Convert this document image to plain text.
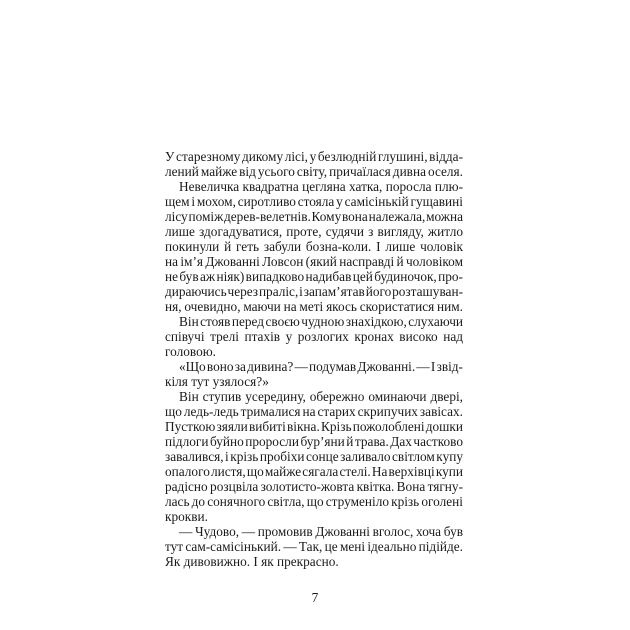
У старезному дикому лісі, у безлюдній глушині, відда-
лений майже від усього світу, причаїлася дивна оселя.
Невеличка квадратна цегляна хатка, поросла плю-
щем і мохом, сиротливо стояла у самісінькій гущавині
лісу поміж дерев-велетнів. Кому вона належала, можна
лише здогадуватися, проте, судячи з вигляду, житло
покинули й геть забули бозна-коли. І лише чоловік
на ім’я Джованні Ловсон (який насправді й чоловіком
не був аж ніяк) випадково надибав цей будиночок, про-
дираючись через праліс, і запам’ятав його розташуван-
ня, очевидно, маючи на меті якось скористатися ним.
Він стояв перед своєю чудною знахідкою, слухаючи
співучі трелі птахів у розлогих кронах високо над
головою.
«Що воно за дивина? — подумав Джованні. — І звід-
кіля тут узялося?»
Він ступив усередину, обережно оминаючи двері,
що ледь-ледь трималися на старих скрипучих завісах.
Пусткою зяяли вибиті вікна. Крізь пожолоблені дошки
підлоги буйно проросли бур’яни й трава. Дах частково
завалився, і крізь пробіхи сонце заливало світлом купу
опалого листя, що майже сягала стелі. На верхівці купи
радісно розцвіла золотисто-жовта квітка. Вона тягну-
лась до сонячного світла, що струменіло крізь оголені
крокви.
— Чудово, — промовив Джованні вголос, хоча був
тут сам-самісінький. — Так, це мені ідеально підійде.
Як дивовижно. І як прекрасно.
7
